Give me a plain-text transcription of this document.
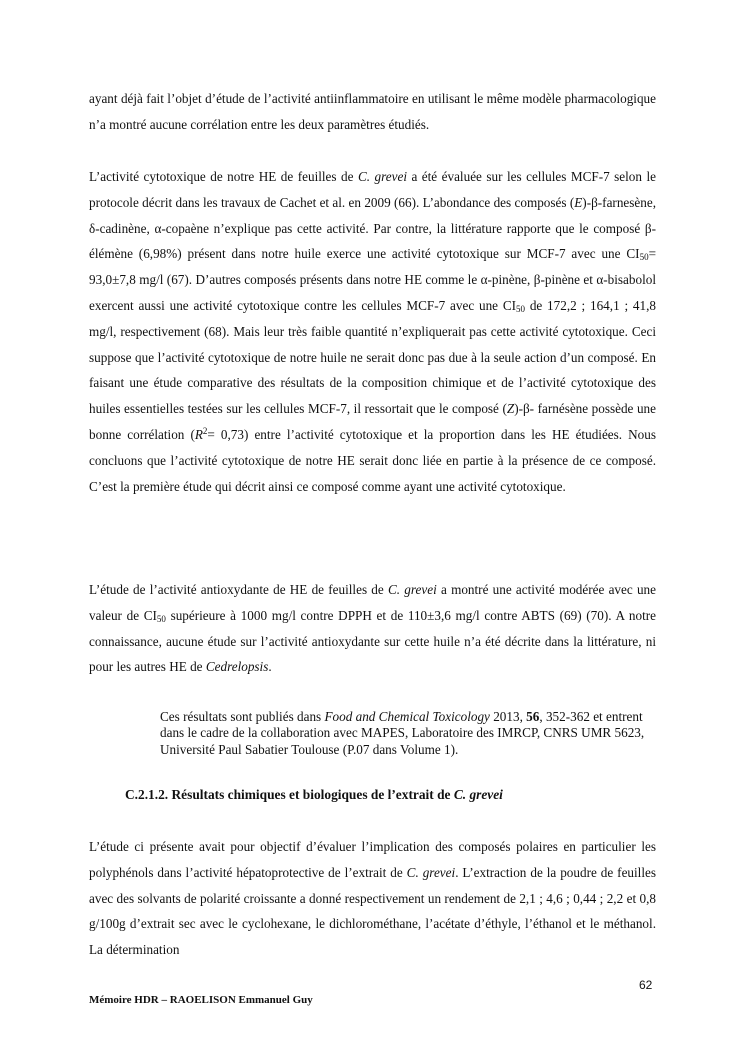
ayant déjà fait l’objet d’étude de l’activité antiinflammatoire en utilisant le même modèle pharmacologique n’a montré aucune corrélation entre les deux paramètres étudiés.

L’activité cytotoxique de notre HE de feuilles de C. grevei a été évaluée sur les cellules MCF-7 selon le protocole décrit dans les travaux de Cachet et al. en 2009 (66). L’abondance des composés (E)-β-farnesène, δ-cadinène, α-copaène n’explique pas cette activité. Par contre, la littérature rapporte que le composé β-élémène (6,98%) présent dans notre huile exerce une activité cytotoxique sur MCF-7 avec une $CI_{50}= 93,0\pm 7,8$ mg/l (67). D’autres composés présents dans notre HE comme le α-pinène, β-pinène et α-bisabolol exercent aussi une activité cytotoxique contre les cellules MCF-7 avec une $CI_{50}$ de 172,2 ; 164,1 ; 41,8 mg/l, respectivement (68). Mais leur très faible quantité n’expliquerait pas cette activité cytotoxique. Ceci suppose que l’activité cytotoxique de notre huile ne serait donc pas due à la seule action d’un composé. En faisant une étude comparative des résultats de la composition chimique et de l’activité cytotoxique des huiles essentielles testées sur les cellules MCF-7, il ressortait que le composé (Z)-β- farnésène possède une bonne corrélation $(R^2= 0,73)$ entre l’activité cytotoxique et la proportion dans les HE étudiées. Nous concluons que l’activité cytotoxique de notre HE serait donc liée en partie à la présence de ce composé. C’est la première étude qui décrit ainsi ce composé comme ayant une activité cytotoxique.

L’étude de l’activité antioxydante de HE de feuilles de C. grevei a montré une activité modérée avec une valeur de $CI_{50}$ supérieure à 1000 mg/l contre DPPH et de 110±3,6 mg/l contre ABTS (69) (70). A notre connaissance, aucune étude sur l’activité antioxydante sur cette huile n’a été décrite dans la littérature, ni pour les autres HE de Cedrelopsis.

Ces résultats sont publiés dans Food and Chemical Toxicology 2013, 56, 352-362 et entrent dans le cadre de la collaboration avec MAPES, Laboratoire des IMRCP, CNRS UMR 5623, Université Paul Sabatier Toulouse (P.07 dans Volume 1).

C.2.1.2. Résultats chimiques et biologiques de l’extrait de C. grevei

L’étude ci présente avait pour objectif d’évaluer l’implication des composés polaires en particulier les polyphénols dans l’activité hépatoprotective de l’extrait de C. grevei. L’extraction de la poudre de feuilles avec des solvants de polarité croissante a donné respectivement un rendement de 2,1 ; 4,6 ; 0,44 ; 2,2 et 0,8 g/100g d’extrait sec avec le cyclohexane, le dichlorométhane, l’acétate d’éthyle, l’éthanol et le méthanol. La détermination

62
Mémoire HDR – RAOELISON Emmanuel Guy
